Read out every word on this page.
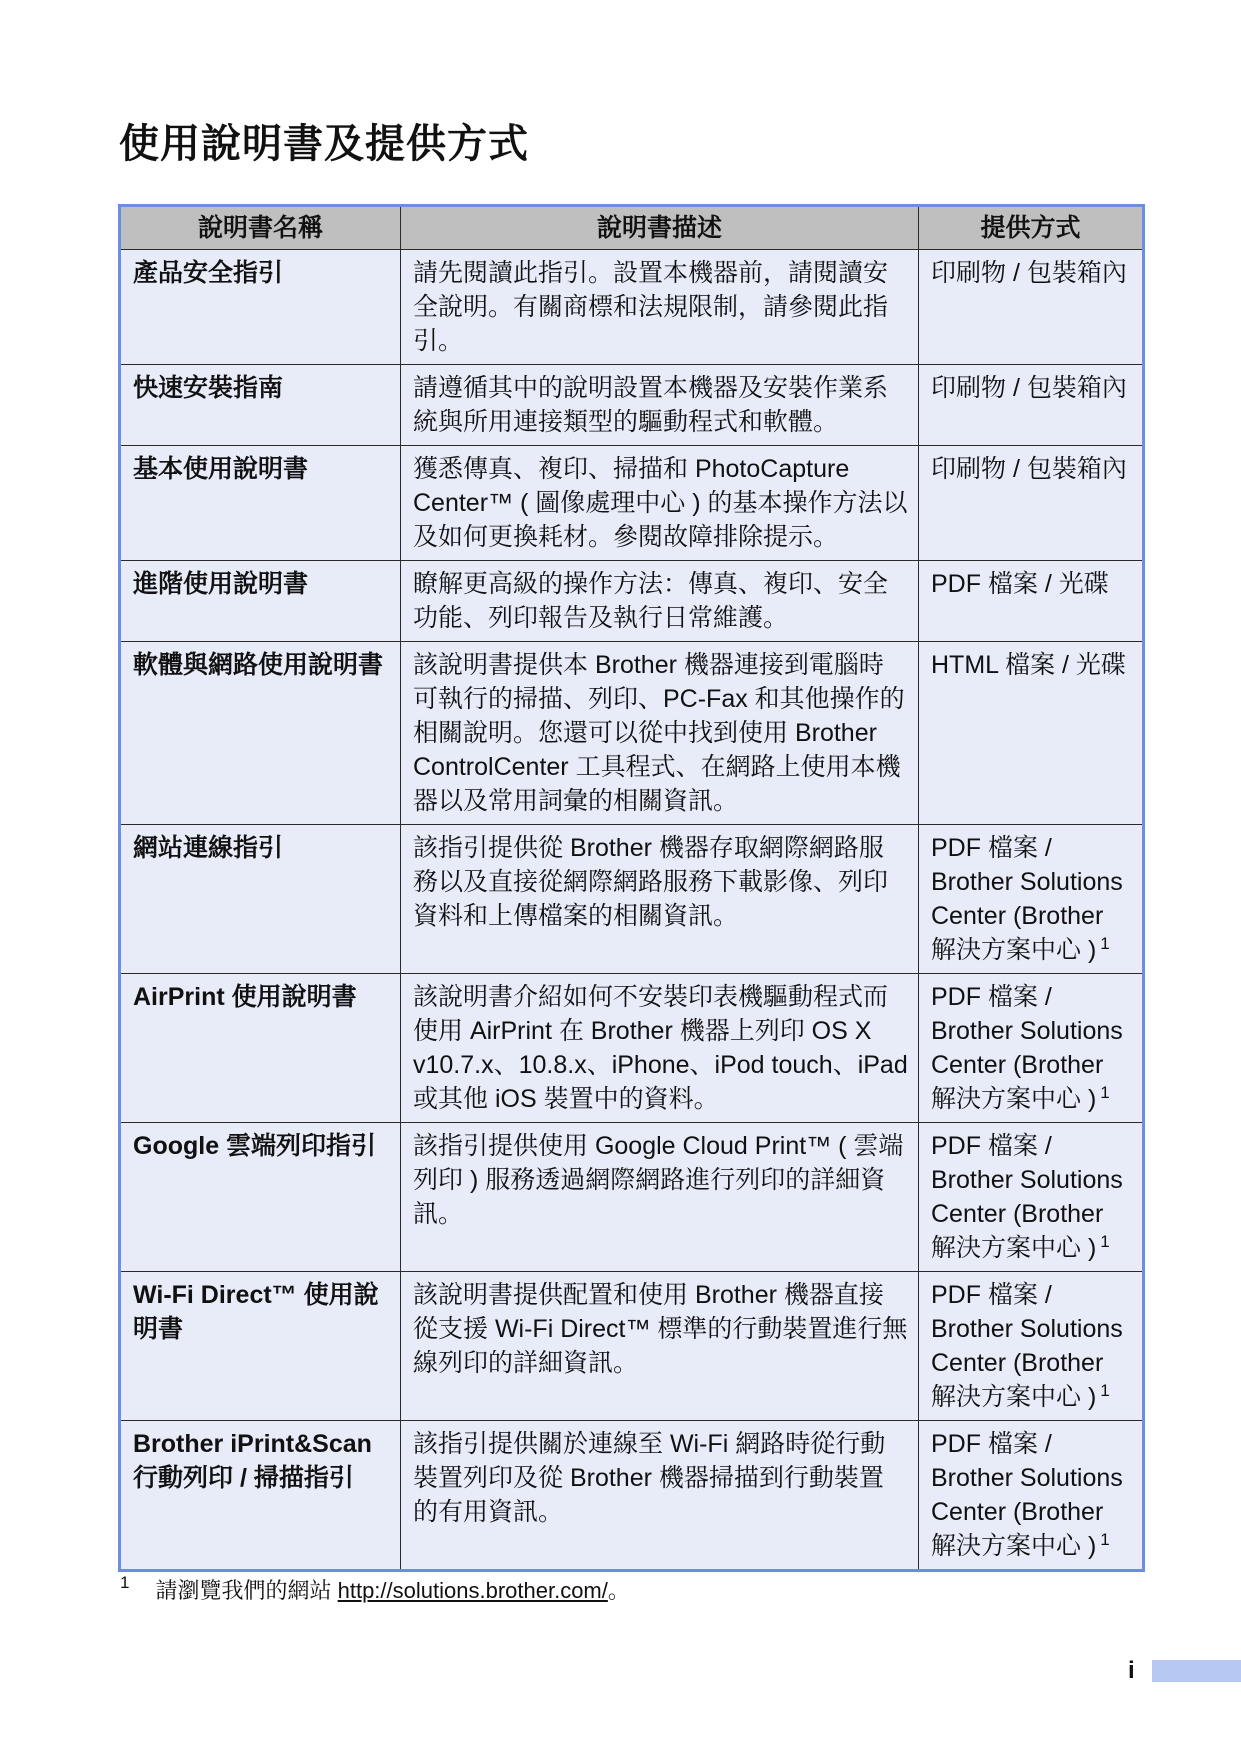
使用說明書及提供方式
說明書名稱	說明書描述	提供方式
產品安全指引	請先閱讀此指引。設置本機器前，請閱讀安全說明。有關商標和法規限制，請參閱此指引。	印刷物 / 包裝箱內
快速安裝指南	請遵循其中的說明設置本機器及安裝作業系統與所用連接類型的驅動程式和軟體。	印刷物 / 包裝箱內
基本使用說明書	獲悉傳真、複印、掃描和 PhotoCapture Center™ ( 圖像處理中心 ) 的基本操作方法以及如何更換耗材。參閱故障排除提示。	印刷物 / 包裝箱內
進階使用說明書	瞭解更高級的操作方法：傳真、複印、安全功能、列印報告及執行日常維護。	PDF 檔案 / 光碟
軟體與網路使用說明書	該說明書提供本 Brother 機器連接到電腦時可執行的掃描、列印、PC-Fax 和其他操作的相關說明。您還可以從中找到使用 Brother ControlCenter 工具程式、在網路上使用本機器以及常用詞彙的相關資訊。	HTML 檔案 / 光碟
網站連線指引	該指引提供從 Brother 機器存取網際網路服務以及直接從網際網路服務下載影像、列印資料和上傳檔案的相關資訊。	PDF 檔案 / Brother Solutions Center (Brother 解決方案中心 ) $^1$
AirPrint 使用說明書	該說明書介紹如何不安裝印表機驅動程式而使用 AirPrint 在 Brother 機器上列印 OS X v10.7.x、10.8.x、iPhone、iPod touch、iPad 或其他 iOS 裝置中的資料。	PDF 檔案 / Brother Solutions Center (Brother 解決方案中心 ) $^1$
Google 雲端列印指引	該指引提供使用 Google Cloud Print™ ( 雲端列印 ) 服務透過網際網路進行列印的詳細資訊。	PDF 檔案 / Brother Solutions Center (Brother 解決方案中心 ) $^1$
Wi-Fi Direct™ 使用說明書	該說明書提供配置和使用 Brother 機器直接從支援 Wi-Fi Direct™ 標準的行動裝置進行無線列印的詳細資訊。	PDF 檔案 / Brother Solutions Center (Brother 解決方案中心 ) $^1$
Brother iPrint&Scan 行動列印 / 掃描指引	該指引提供關於連線至 Wi-Fi 網路時從行動裝置列印及從 Brother 機器掃描到行動裝置的有用資訊。	PDF 檔案 / Brother Solutions Center (Brother 解決方案中心 ) $^1$
$^1$ 請瀏覽我們的網站 http://solutions.brother.com/。
i
